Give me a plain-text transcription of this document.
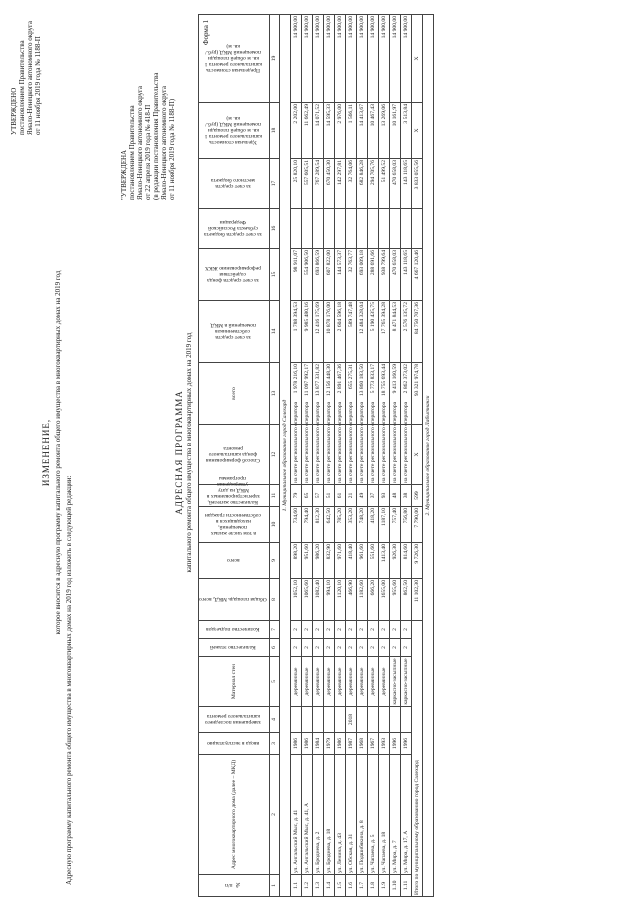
УТВЕРЖДЕНО постановлением Правительства Ямало-Ненецкого автономного округа от 11 ноября 2019 года № 1188-П
"УТВЕРЖДЕНА постановлением Правительства Ямало-Ненецкого автономного округа от 22 апреля 2019 года № 418-П (в редакции постановления Правительства Ямало-Ненецкого автономного округа от 11 ноября 2019 года № 1188-П)
ИЗМЕНЕНИЕ, которое вносится в адресную программу капитального ремонта общего имущества в многоквартирных домах на 2019 год
Адресную программу капитального ремонта общего имущества в многоквартирных домах на 2019 год изложить в следующей редакции:
АДРЕСНАЯ ПРОГРАММА капитального ремонта общего имущества в многоквартирных домах на 2019 год
Форма 1
№ п/п	Адрес многоквартирного дома (далее – МКД)	ввода в эксплуатацию	завершения последнего капитального ремонта	Материал стен	Количество этажей	Количество подъездов	Общая площадь МКД, всего	всего	в том числе жилых помещений, находящихся в собственности граждан	Количество жителей, зарегистрированных в МКД на дату утверждения программы	Способ формирования фонда капитального ремонта	всего	за счет средств собственников помещений в МКД	за счет средств фонда содействия реформированию ЖКХ	за счет средств бюджета субъекта Российской Федерации	за счет средств местного бюджета	Удельная стоимость капитального ремонта 1 кв. м общей площади помещений МКД (руб./кв. м)	Предельная стоимость капитального ремонта 1 кв. м общей площади помещений МКД (руб./кв. м)
1	2	3	4	5	6	7	8	9	10	11	12	13	14	15	16	17	18	19
1. Муниципальное образование город Салехард																		
1.1	ул. Ангальский Мыс, д. 41	1986		деревянные	2	2	1052,10	898,20	734,60	79	на счете регионального оператора	1 978 216,10	1 788 394,53	98 911,07		25 820,10	2 202,00	14 900,00
1.2	ул. Ангальский Мыс, д. 41, А	1986		деревянные	2	2	1065,60	951,60	794,40	65	на счете регионального оператора	11 097 992,17	9 985 480,16	554 906,50		557 605,51	11 662,49	14 900,00
1.3	ул. Броднева, д. 2	1984		деревянные	2	2	1082,40	986,20	812,30	57	на счете регионального оператора	13 877 331,82	12 416 175,69	693 866,59		767 289,54	14 071,52	14 900,00
1.4	ул. Броднева, д. 18	1979		деревянные	2	2	994,10	832,90	642,50	51	на счете регионального оператора	12 156 448,30	10 878 176,00	607 822,00		670 450,30	14 595,33	14 900,00
1.5	ул. Ленина, д. 43	1986		деревянные	2	2	1120,10	971,60	785,20	61	на счете регионального оператора	2 891 467,36	2 604 596,18	144 573,37		142 297,81	2 976,00	14 900,00
1.6	ул. Обская, д. 31	1987	2018	деревянные	2	2	466,90	418,40	353,20	21	на счете регионального оператора	655 275,31	589 747,48	32 763,77		32 764,06	1 566,11	14 900,00
1.7	ул. Подшибякина, д. 8	1968		деревянные	2	2	1182,60	961,60	748,20	49	на счете регионального оператора	13 860 183,50	12 484 328,04	693 009,18		682 846,28	14 413,67	14 900,00
1.8	ул. Чапаева, д. 5	1967		деревянные	2	2	666,20	551,60	418,20	37	на счете регионального оператора	5 773 833,17	5 190 435,75	288 691,66		294 705,76	10 467,43	14 900,00
1.9	ул. Чапаева, д. 18	1993		деревянные	2	2	1655,00	1413,40	1187,10	93	на счете регионального оператора	18 755 693,44	17 765 394,28	938 799,64		51 499,52	13 269,06	14 900,00
1.10	ул. Мира, д. 7	1996		каркасно-засыпные	2	2	955,60	926,30	757,40	48	на счете регионального оператора	9 413 160,59	8 471 844,53	470 658,03		470 658,03	10 161,97	14 900,00
1.11	ул. Мира, д. 17, А	1996		каркасно-засыпные	2	2	862,50	814,60	756,80	38	на счете регионального оператора	2 862 373,02	2 576 135,72	143 118,65		143 118,65	3 513,84	14 900,00
Итого по муниципальному образованию город Салехард							11 102,30	9 726,30	7 790,00	599	Х	93 321 974,78	84 750 707,36	4 667 120,46		3 833 055,56	Х	Х
2. Муниципальное образование город Лабытнанги																		
